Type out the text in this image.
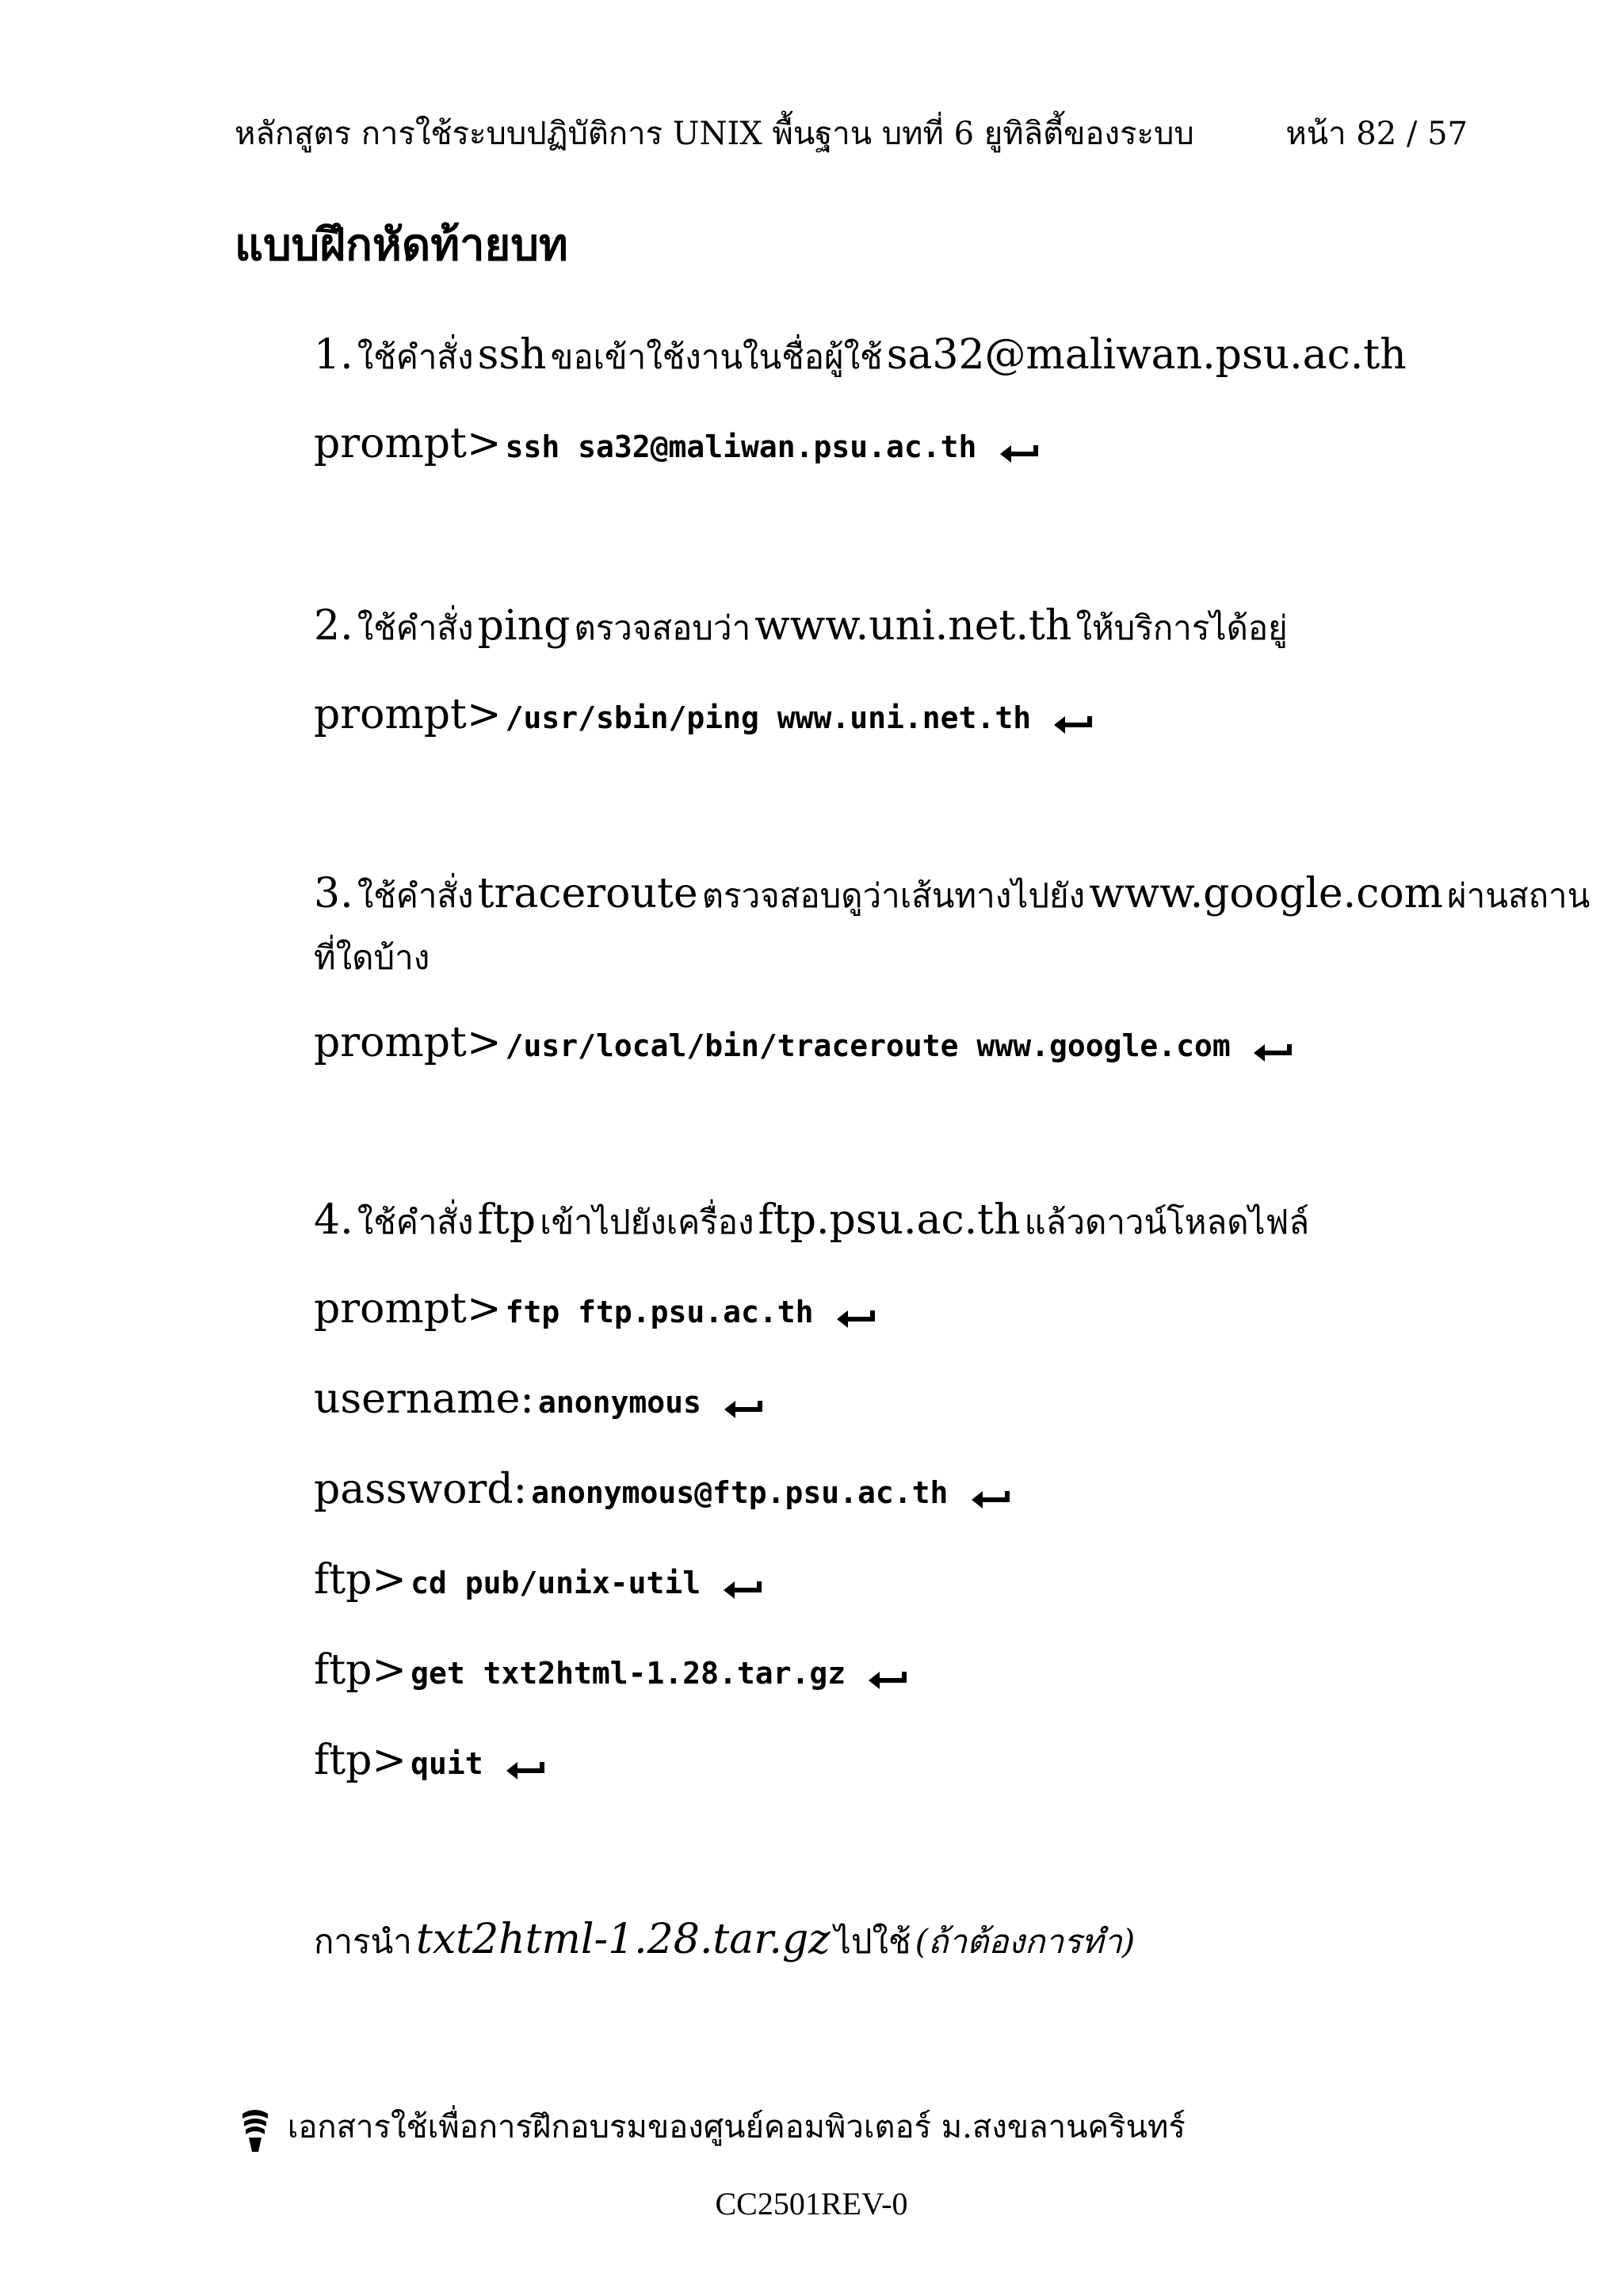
หลักสูตร การใช้ระบบปฏิบัติการ UNIX พื้นฐาน บทที่ 6 ยูทิลิตี้ของระบบ	หน้า 82 / 57
แบบฝึกหัดท้ายบท
1. ใช้คำสั่ง ssh ขอเข้าใช้งานในชื่อผู้ใช้ sa32@maliwan.psu.ac.th
prompt> ssh sa32@maliwan.psu.ac.th
2. ใช้คำสั่ง ping ตรวจสอบว่า www.uni.net.th ให้บริการได้อยู่
prompt> /usr/sbin/ping www.uni.net.th
3. ใช้คำสั่ง traceroute ตรวจสอบดูว่าเส้นทางไปยัง www.google.com ผ่านสถาน
ที่ใดบ้าง
prompt> /usr/local/bin/traceroute www.google.com
4. ใช้คำสั่ง ftp เข้าไปยังเครื่อง ftp.psu.ac.th แล้วดาวน์โหลดไฟล์
prompt> ftp ftp.psu.ac.th
username: anonymous
password: anonymous@ftp.psu.ac.th
ftp> cd pub/unix-util
ftp> get txt2html-1.28.tar.gz
ftp> quit
การนำ txt2html-1.28.tar.gz ไปใช้ (ถ้าต้องการทำ)
เอกสารใช้เพื่อการฝึกอบรมของศูนย์คอมพิวเตอร์ ม.สงขลานครินทร์
CC2501REV-0
